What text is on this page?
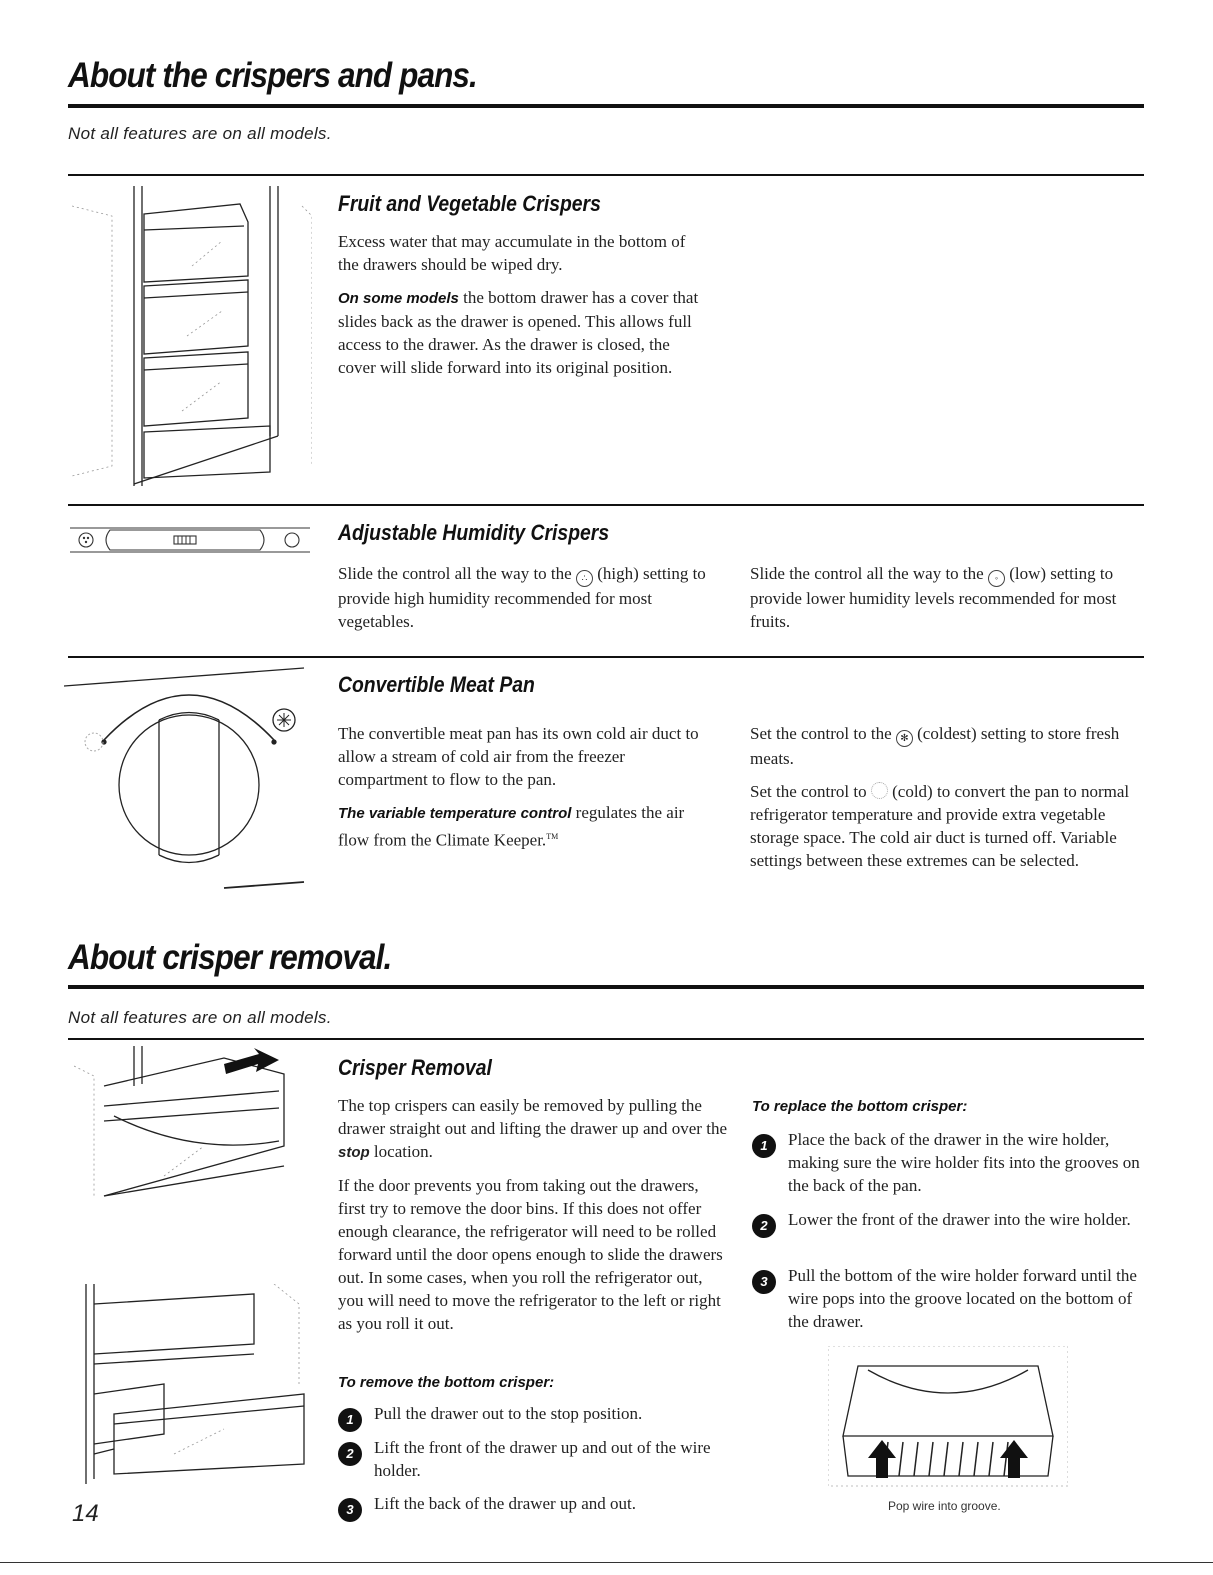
About the crispers and pans.
Not all features are on all models.
Fruit and Vegetable Crispers

Excess water that may accumulate in the bottom of the drawers should be wiped dry.

On some models the bottom drawer has a cover that slides back as the drawer is opened. This allows full access to the drawer. As the drawer is closed, the cover will slide forward into its original position.

Adjustable Humidity Crispers
Slide the control all the way to the ∴ (high) setting to provide high humidity recommended for most vegetables.
Slide the control all the way to the ◦ (low) setting to provide lower humidity levels recommended for most fruits.
Convertible Meat Pan

The convertible meat pan has its own cold air duct to allow a stream of cold air from the freezer compartment to flow to the pan.

The variable temperature control regulates the air flow from the Climate Keeper.™

Set the control to the ✻ (coldest) setting to store fresh meats.

Set the control to (cold) to convert the pan to normal refrigerator temperature and provide extra vegetable storage space. The cold air duct is turned off. Variable settings between these extremes can be selected.

About crisper removal.
Not all features are on all models.
Crisper Removal

The top crispers can easily be removed by pulling the drawer straight out and lifting the drawer up and over the stop location.

If the door prevents you from taking out the drawers, first try to remove the door bins. If this does not offer enough clearance, the refrigerator will need to be rolled forward until the door opens enough to slide the drawers out. In some cases, when you roll the refrigerator out, you will need to move the refrigerator to the left or right as you roll it out.

To remove the bottom crisper:
1	Pull the drawer out to the stop position.
2	Lift the front of the drawer up and out of the wire holder.
3	Lift the back of the drawer up and out.
To replace the bottom crisper:
1	Place the back of the drawer in the wire holder, making sure the wire holder fits into the grooves on the back of the pan.
2	Lower the front of the drawer into the wire holder.
3	Pull the bottom of the wire holder forward until the wire pops into the groove located on the bottom of the drawer.
Pop wire into groove.
14
